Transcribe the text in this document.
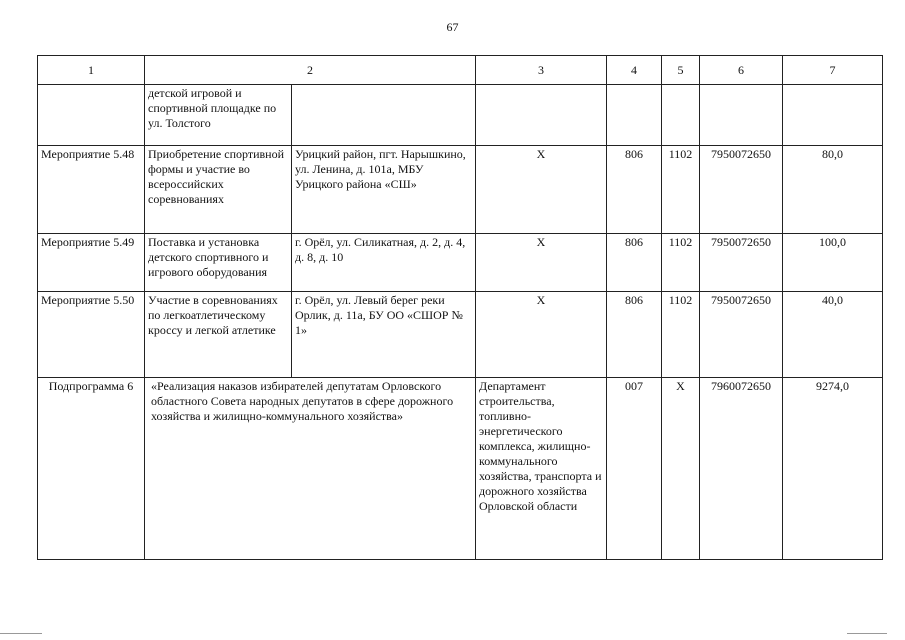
67
1	2		3	4	5	6	7
	детской игровой и спортивной площадке по ул. Толстого						
Мероприятие 5.48	Приобретение спортивной формы и участие во всероссийских соревнованиях	Урицкий район, пгт. Нарышкино, ул. Ленина, д. 101а, МБУ Урицкого района «СШ»	Х	806	1102	7950072650	80,0
Мероприятие 5.49	Поставка и установка детского спортивного и игрового оборудования	г. Орёл, ул. Силикатная, д. 2, д. 4, д. 8, д. 10	Х	806	1102	7950072650	100,0
Мероприятие 5.50	Участие в соревнованиях по легкоатлетическому кроссу и легкой атлетике	г. Орёл, ул. Левый берег реки Орлик, д. 11а, БУ ОО «СШОР № 1»	Х	806	1102	7950072650	40,0
Подпрограмма 6	«Реализация наказов избирателей депутатам Орловского областного Совета народных депутатов в сфере дорожного хозяйства и жилищно-коммунального хозяйства»		Департамент строительства, топливно-энергетического комплекса, жилищно-коммунального хозяйства, транспорта и дорожного хозяйства Орловской области	007	Х	7960072650	9274,0
